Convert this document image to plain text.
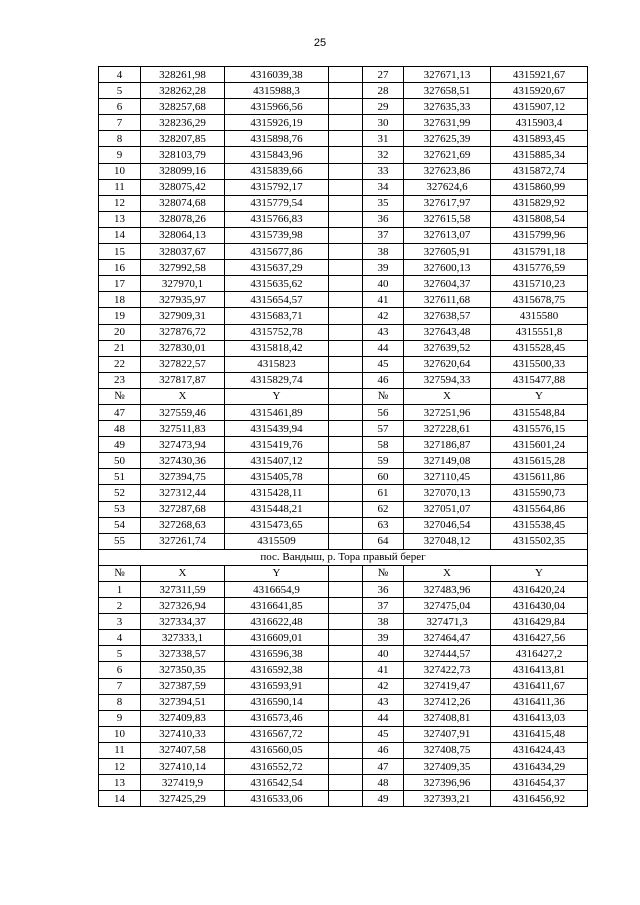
25
4	328261,98	4316039,38		27	327671,13	4315921,67
5	328262,28	4315988,3		28	327658,51	4315920,67
6	328257,68	4315966,56		29	327635,33	4315907,12
7	328236,29	4315926,19		30	327631,99	4315903,4
8	328207,85	4315898,76		31	327625,39	4315893,45
9	328103,79	4315843,96		32	327621,69	4315885,34
10	328099,16	4315839,66		33	327623,86	4315872,74
11	328075,42	4315792,17		34	327624,6	4315860,99
12	328074,68	4315779,54		35	327617,97	4315829,92
13	328078,26	4315766,83		36	327615,58	4315808,54
14	328064,13	4315739,98		37	327613,07	4315799,96
15	328037,67	4315677,86		38	327605,91	4315791,18
16	327992,58	4315637,29		39	327600,13	4315776,59
17	327970,1	4315635,62		40	327604,37	4315710,23
18	327935,97	4315654,57		41	327611,68	4315678,75
19	327909,31	4315683,71		42	327638,57	4315580
20	327876,72	4315752,78		43	327643,48	4315551,8
21	327830,01	4315818,42		44	327639,52	4315528,45
22	327822,57	4315823		45	327620,64	4315500,33
23	327817,87	4315829,74		46	327594,33	4315477,88
№	X	Y		№	X	Y
47	327559,46	4315461,89		56	327251,96	4315548,84
48	327511,83	4315439,94		57	327228,61	4315576,15
49	327473,94	4315419,76		58	327186,87	4315601,24
50	327430,36	4315407,12		59	327149,08	4315615,28
51	327394,75	4315405,78		60	327110,45	4315611,86
52	327312,44	4315428,11		61	327070,13	4315590,73
53	327287,68	4315448,21		62	327051,07	4315564,86
54	327268,63	4315473,65		63	327046,54	4315538,45
55	327261,74	4315509		64	327048,12	4315502,35
пос. Вандыш, р. Тора правый берег						
№	X	Y		№	X	Y
1	327311,59	4316654,9		36	327483,96	4316420,24
2	327326,94	4316641,85		37	327475,04	4316430,04
3	327334,37	4316622,48		38	327471,3	4316429,84
4	327333,1	4316609,01		39	327464,47	4316427,56
5	327338,57	4316596,38		40	327444,57	4316427,2
6	327350,35	4316592,38		41	327422,73	4316413,81
7	327387,59	4316593,91		42	327419,47	4316411,67
8	327394,51	4316590,14		43	327412,26	4316411,36
9	327409,83	4316573,46		44	327408,81	4316413,03
10	327410,33	4316567,72		45	327407,91	4316415,48
11	327407,58	4316560,05		46	327408,75	4316424,43
12	327410,14	4316552,72		47	327409,35	4316434,29
13	327419,9	4316542,54		48	327396,96	4316454,37
14	327425,29	4316533,06		49	327393,21	4316456,92
